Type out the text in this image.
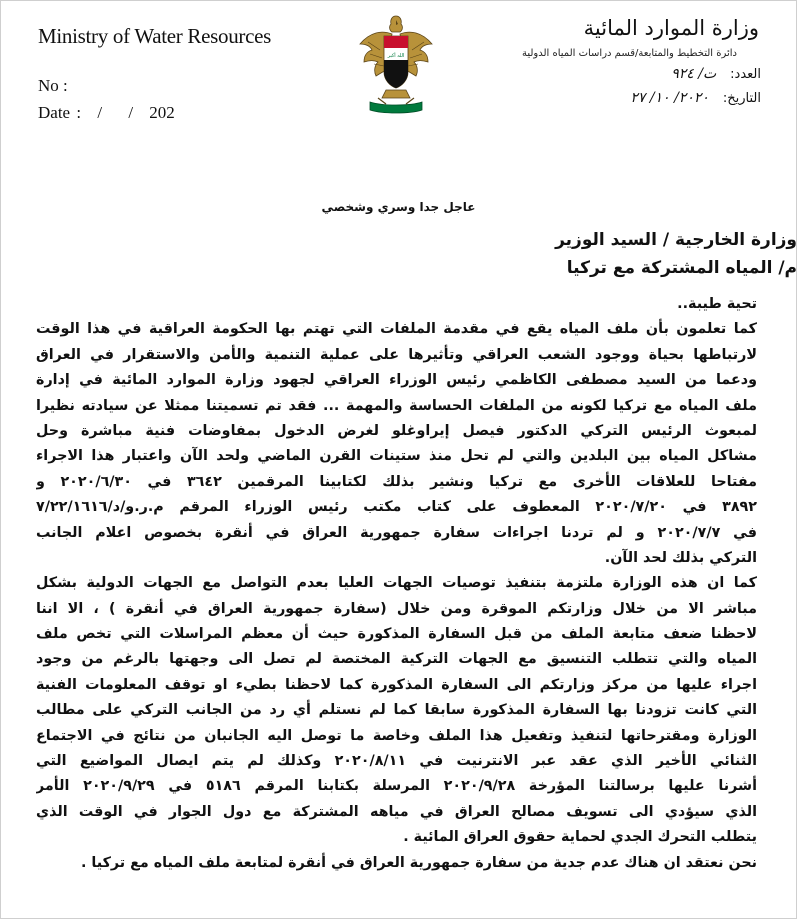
Ministry of Water Resources
No :
Date : / / 202
الله أكبر
وزارة الموارد المائية
دائرة التخطيط والمتابعة/قسم دراسات المياه الدولية
العدد:ت/ ٩٢٤
التاريخ:٢٠٢٠/ ١٠/ ٢٧
عاجل جدا وسري وشخصي
وزارة الخارجية / السيد الوزير
م/ المياه المشتركة مع تركيا
تحية طيبة..
كما تعلمون بأن ملف المياه يقع في مقدمة الملفات التي تهتم بها الحكومة العراقية في هذا الوقت
لارتباطها بحياة ووجود الشعب العراقي وتأثيرها على عملية التنمية والأمن والاستقرار في العراق
ودعما من السيد مصطفى الكاظمي رئيس الوزراء العراقي لجهود وزارة الموارد المائية في إدارة
ملف المياه مع تركيا لكونه من الملفات الحساسة والمهمة ... فقد تم تسميتنا ممثلا عن سيادته نظيرا
لمبعوث الرئيس التركي الدكتور فيصل إيراوغلو لغرض الدخول بمفاوضات فنية مباشرة وحل
مشاكل المياه بين البلدين والتي لم تحل منذ ستينات القرن الماضي ولحد الآن واعتبار هذا الاجراء
مفتاحا للعلاقات الأخرى مع تركيا ونشير بذلك لكتابينا المرقمين ٣٦٤٢ في ٢٠٢٠/٦/٣٠ و
٣٨٩٢ في ٢٠٢٠/٧/٢٠ المعطوف على كتاب مكتب رئيس الوزراء المرقم م.ر.و/د/٧/٢٢/١٦١٦
في ٢٠٢٠/٧/٧ و لم تردنا اجراءات سفارة جمهورية العراق في أنقرة بخصوص اعلام الجانب
التركي بذلك لحد الآن.
كما ان هذه الوزارة ملتزمة بتنفيذ توصيات الجهات العليا بعدم التواصل مع الجهات الدولية بشكل
مباشر الا من خلال وزارتكم الموقرة ومن خلال (سفارة جمهورية العراق في أنقرة ) ، الا اننا
لاحظنا ضعف متابعة الملف من قبل السفارة المذكورة حيث أن معظم المراسلات التي تخص ملف
المياه والتي تتطلب التنسيق مع الجهات التركية المختصة لم تصل الى وجهتها بالرغم من وجود
اجراء عليها من مركز وزارتكم الى السفارة المذكورة كما لاحظنا بطيء او توقف المعلومات الفنية
التي كانت تزودنا بها السفارة المذكورة سابقا كما لم نستلم أي رد من الجانب التركي على مطالب
الوزارة ومقترحاتها لتنفيذ وتفعيل هذا الملف وخاصة ما توصل اليه الجانبان من نتائج في الاجتماع
الثنائي الأخير الذي عقد عبر الانترنيت في ٢٠٢٠/٨/١١ وكذلك لم يتم ايصال المواضيع التي
أشرنا عليها برسالتنا المؤرخة ٢٠٢٠/٩/٢٨ المرسلة بكتابنا المرقم ٥١٨٦ في ٢٠٢٠/٩/٢٩ الأمر
الذي سيؤدي الى تسويف مصالح العراق في مياهه المشتركة مع دول الجوار في الوقت الذي
يتطلب التحرك الجدي لحماية حقوق العراق المائية .
نحن نعتقد ان هناك عدم جدية من سفارة جمهورية العراق في أنقرة لمتابعة ملف المياه مع تركيا .
